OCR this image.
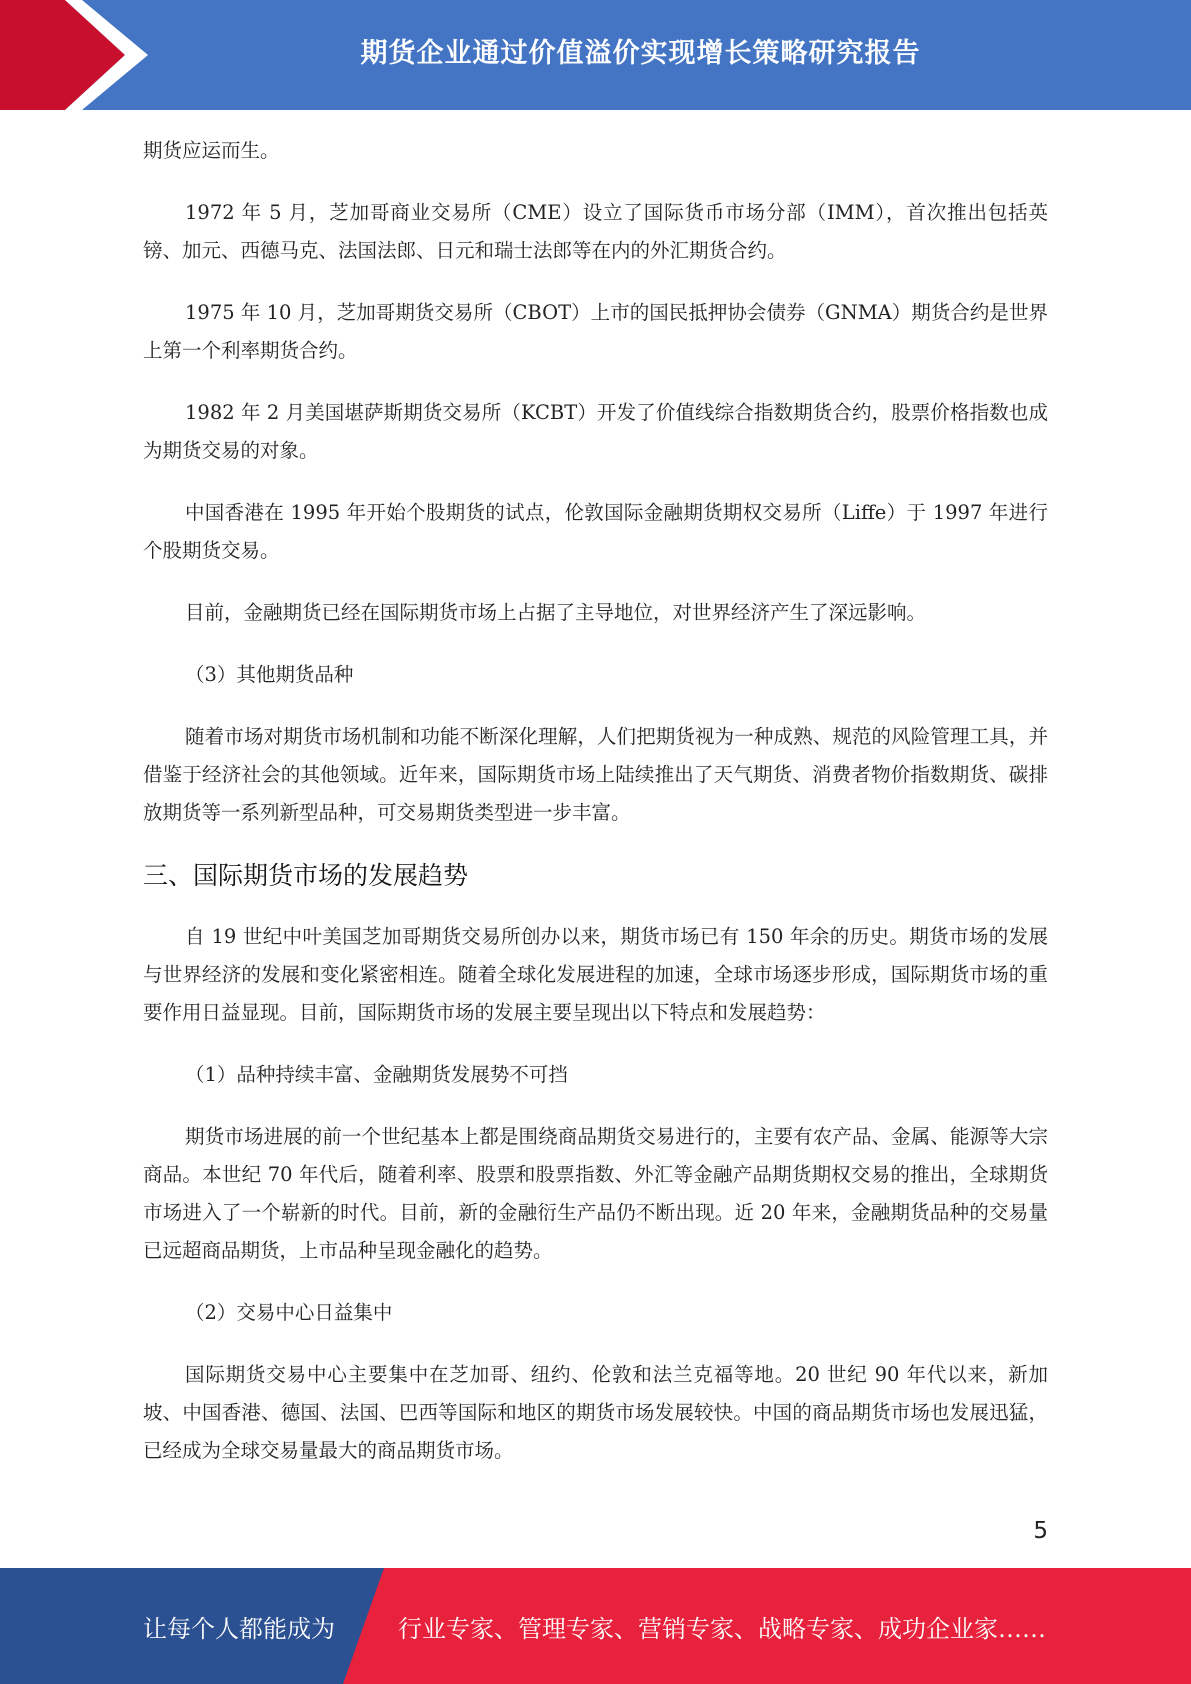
期货企业通过价值溢价实现增长策略研究报告

期货应运而生。

1972 年 5 月，芝加哥商业交易所（CME）设立了国际货币市场分部（IMM），首次推出包括英镑、加元、西德马克、法国法郎、日元和瑞士法郎等在内的外汇期货合约。

1975 年 10 月，芝加哥期货交易所（CBOT）上市的国民抵押协会债券（GNMA）期货合约是世界上第一个利率期货合约。

1982 年 2 月美国堪萨斯期货交易所（KCBT）开发了价值线综合指数期货合约，股票价格指数也成为期货交易的对象。

中国香港在 1995 年开始个股期货的试点，伦敦国际金融期货期权交易所（Liffe）于 1997 年进行个股期货交易。

目前，金融期货已经在国际期货市场上占据了主导地位，对世界经济产生了深远影响。

（3）其他期货品种

随着市场对期货市场机制和功能不断深化理解，人们把期货视为一种成熟、规范的风险管理工具，并借鉴于经济社会的其他领域。近年来，国际期货市场上陆续推出了天气期货、消费者物价指数期货、碳排放期货等一系列新型品种，可交易期货类型进一步丰富。

三、国际期货市场的发展趋势

自 19 世纪中叶美国芝加哥期货交易所创办以来，期货市场已有 150 年余的历史。期货市场的发展与世界经济的发展和变化紧密相连。随着全球化发展进程的加速，全球市场逐步形成，国际期货市场的重要作用日益显现。目前，国际期货市场的发展主要呈现出以下特点和发展趋势：

（1）品种持续丰富、金融期货发展势不可挡

期货市场进展的前一个世纪基本上都是围绕商品期货交易进行的，主要有农产品、金属、能源等大宗商品。本世纪 70 年代后，随着利率、股票和股票指数、外汇等金融产品期货期权交易的推出，全球期货市场进入了一个崭新的时代。目前，新的金融衍生产品仍不断出现。近 20 年来，金融期货品种的交易量已远超商品期货，上市品种呈现金融化的趋势。

（2）交易中心日益集中

国际期货交易中心主要集中在芝加哥、纽约、伦敦和法兰克福等地。20 世纪 90 年代以来，新加坡、中国香港、德国、法国、巴西等国际和地区的期货市场发展较快。中国的商品期货市场也发展迅猛，已经成为全球交易量最大的商品期货市场。

5
让每个人都能成为	行业专家、管理专家、营销专家、战略专家、成功企业家……
